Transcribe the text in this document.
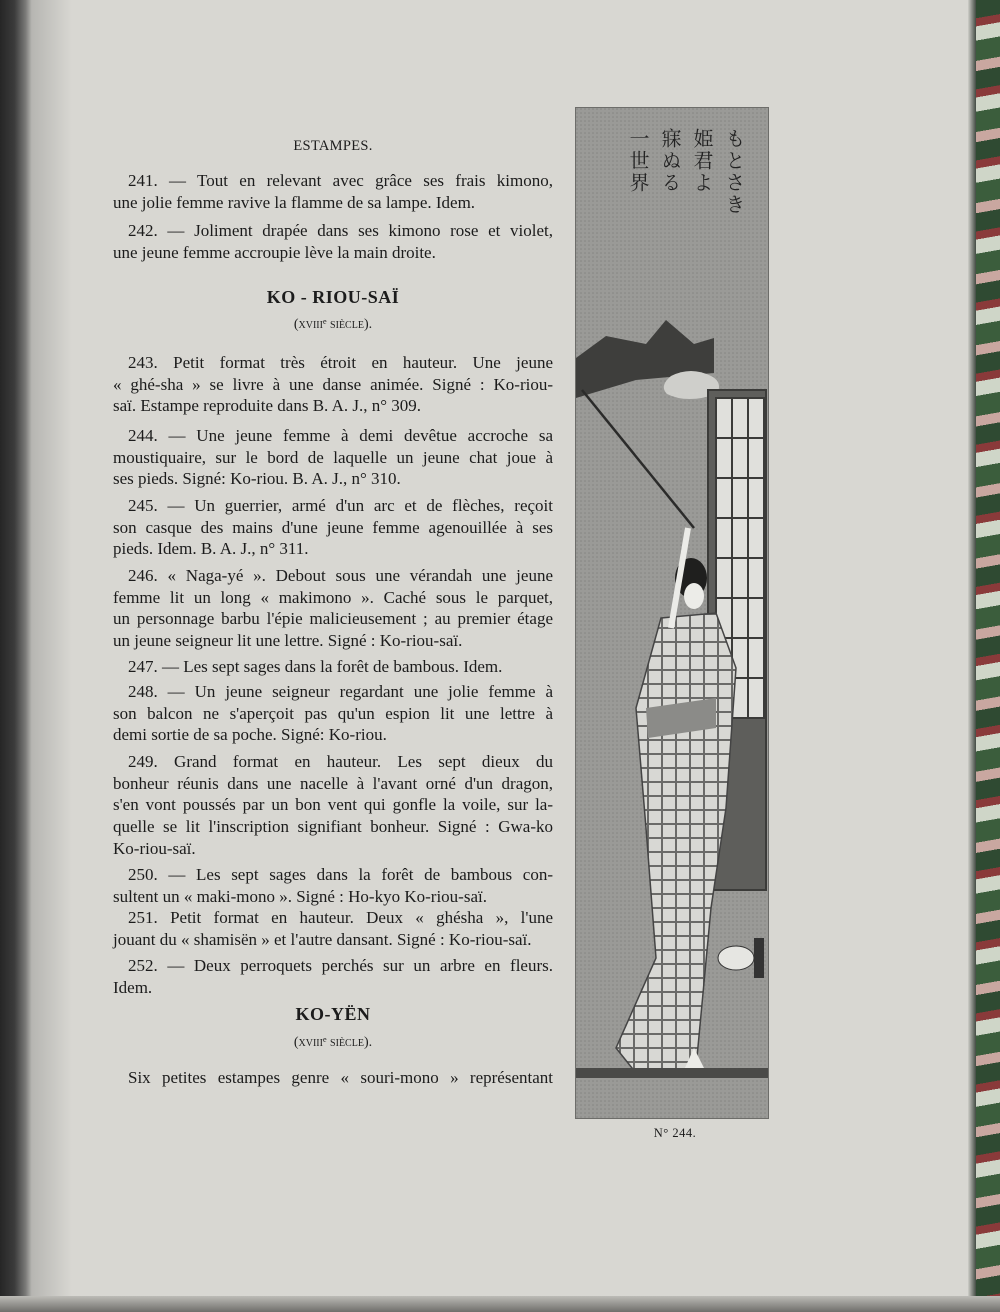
ESTAMPES.
KO - RIOU-SAÏ
(xviiiᵉ siècle).
KO-YËN
(xviiiᵉ siècle).
241. — Tout en relevant avec grâce ses frais kimono,
une jolie femme ravive la flamme de sa lampe. Idem.
242. — Joliment drapée dans ses kimono rose et violet,
une jeune femme accroupie lève la main droite.
243. Petit format très étroit en hauteur. Une jeune
« ghé-sha » se livre à une danse animée. Signé : Ko-riou-
saï. Estampe reproduite dans B. A. J., n° 309.
244. — Une jeune femme à demi devêtue accroche sa
moustiquaire, sur le bord de laquelle un jeune chat joue à
ses pieds. Signé: Ko-riou. B. A. J., n° 310.
245. — Un guerrier, armé d'un arc et de flèches, reçoit
son casque des mains d'une jeune femme agenouillée à ses
pieds. Idem. B. A. J., n° 311.
246. « Naga-yé ». Debout sous une vérandah une jeune
femme lit un long « makimono ». Caché sous le parquet,
un personnage barbu l'épie malicieusement ; au premier étage
un jeune seigneur lit une lettre. Signé : Ko-riou-saï.
247. — Les sept sages dans la forêt de bambous. Idem.
248. — Un jeune seigneur regardant une jolie femme à
son balcon ne s'aperçoit pas qu'un espion lit une lettre à
demi sortie de sa poche. Signé: Ko-riou.
249. Grand format en hauteur. Les sept dieux du
bonheur réunis dans une nacelle à l'avant orné d'un dragon,
s'en vont poussés par un bon vent qui gonfle la voile, sur la-
quelle se lit l'inscription signifiant bonheur. Signé : Gwa-ko
Ko-riou-saï.
250. — Les sept sages dans la forêt de bambous con-
sultent un « maki-mono ». Signé : Ho-kyo Ko-riou-saï.
251. Petit format en hauteur. Deux « ghésha », l'une
jouant du « shamisën » et l'autre dansant. Signé : Ko-riou-saï.
252. — Deux perroquets perchés sur un arbre en fleurs.
Idem.
Six petites estampes genre « souri-mono » représentant
もとさき 姫君よ 寐ぬる 一世界
N° 244.
